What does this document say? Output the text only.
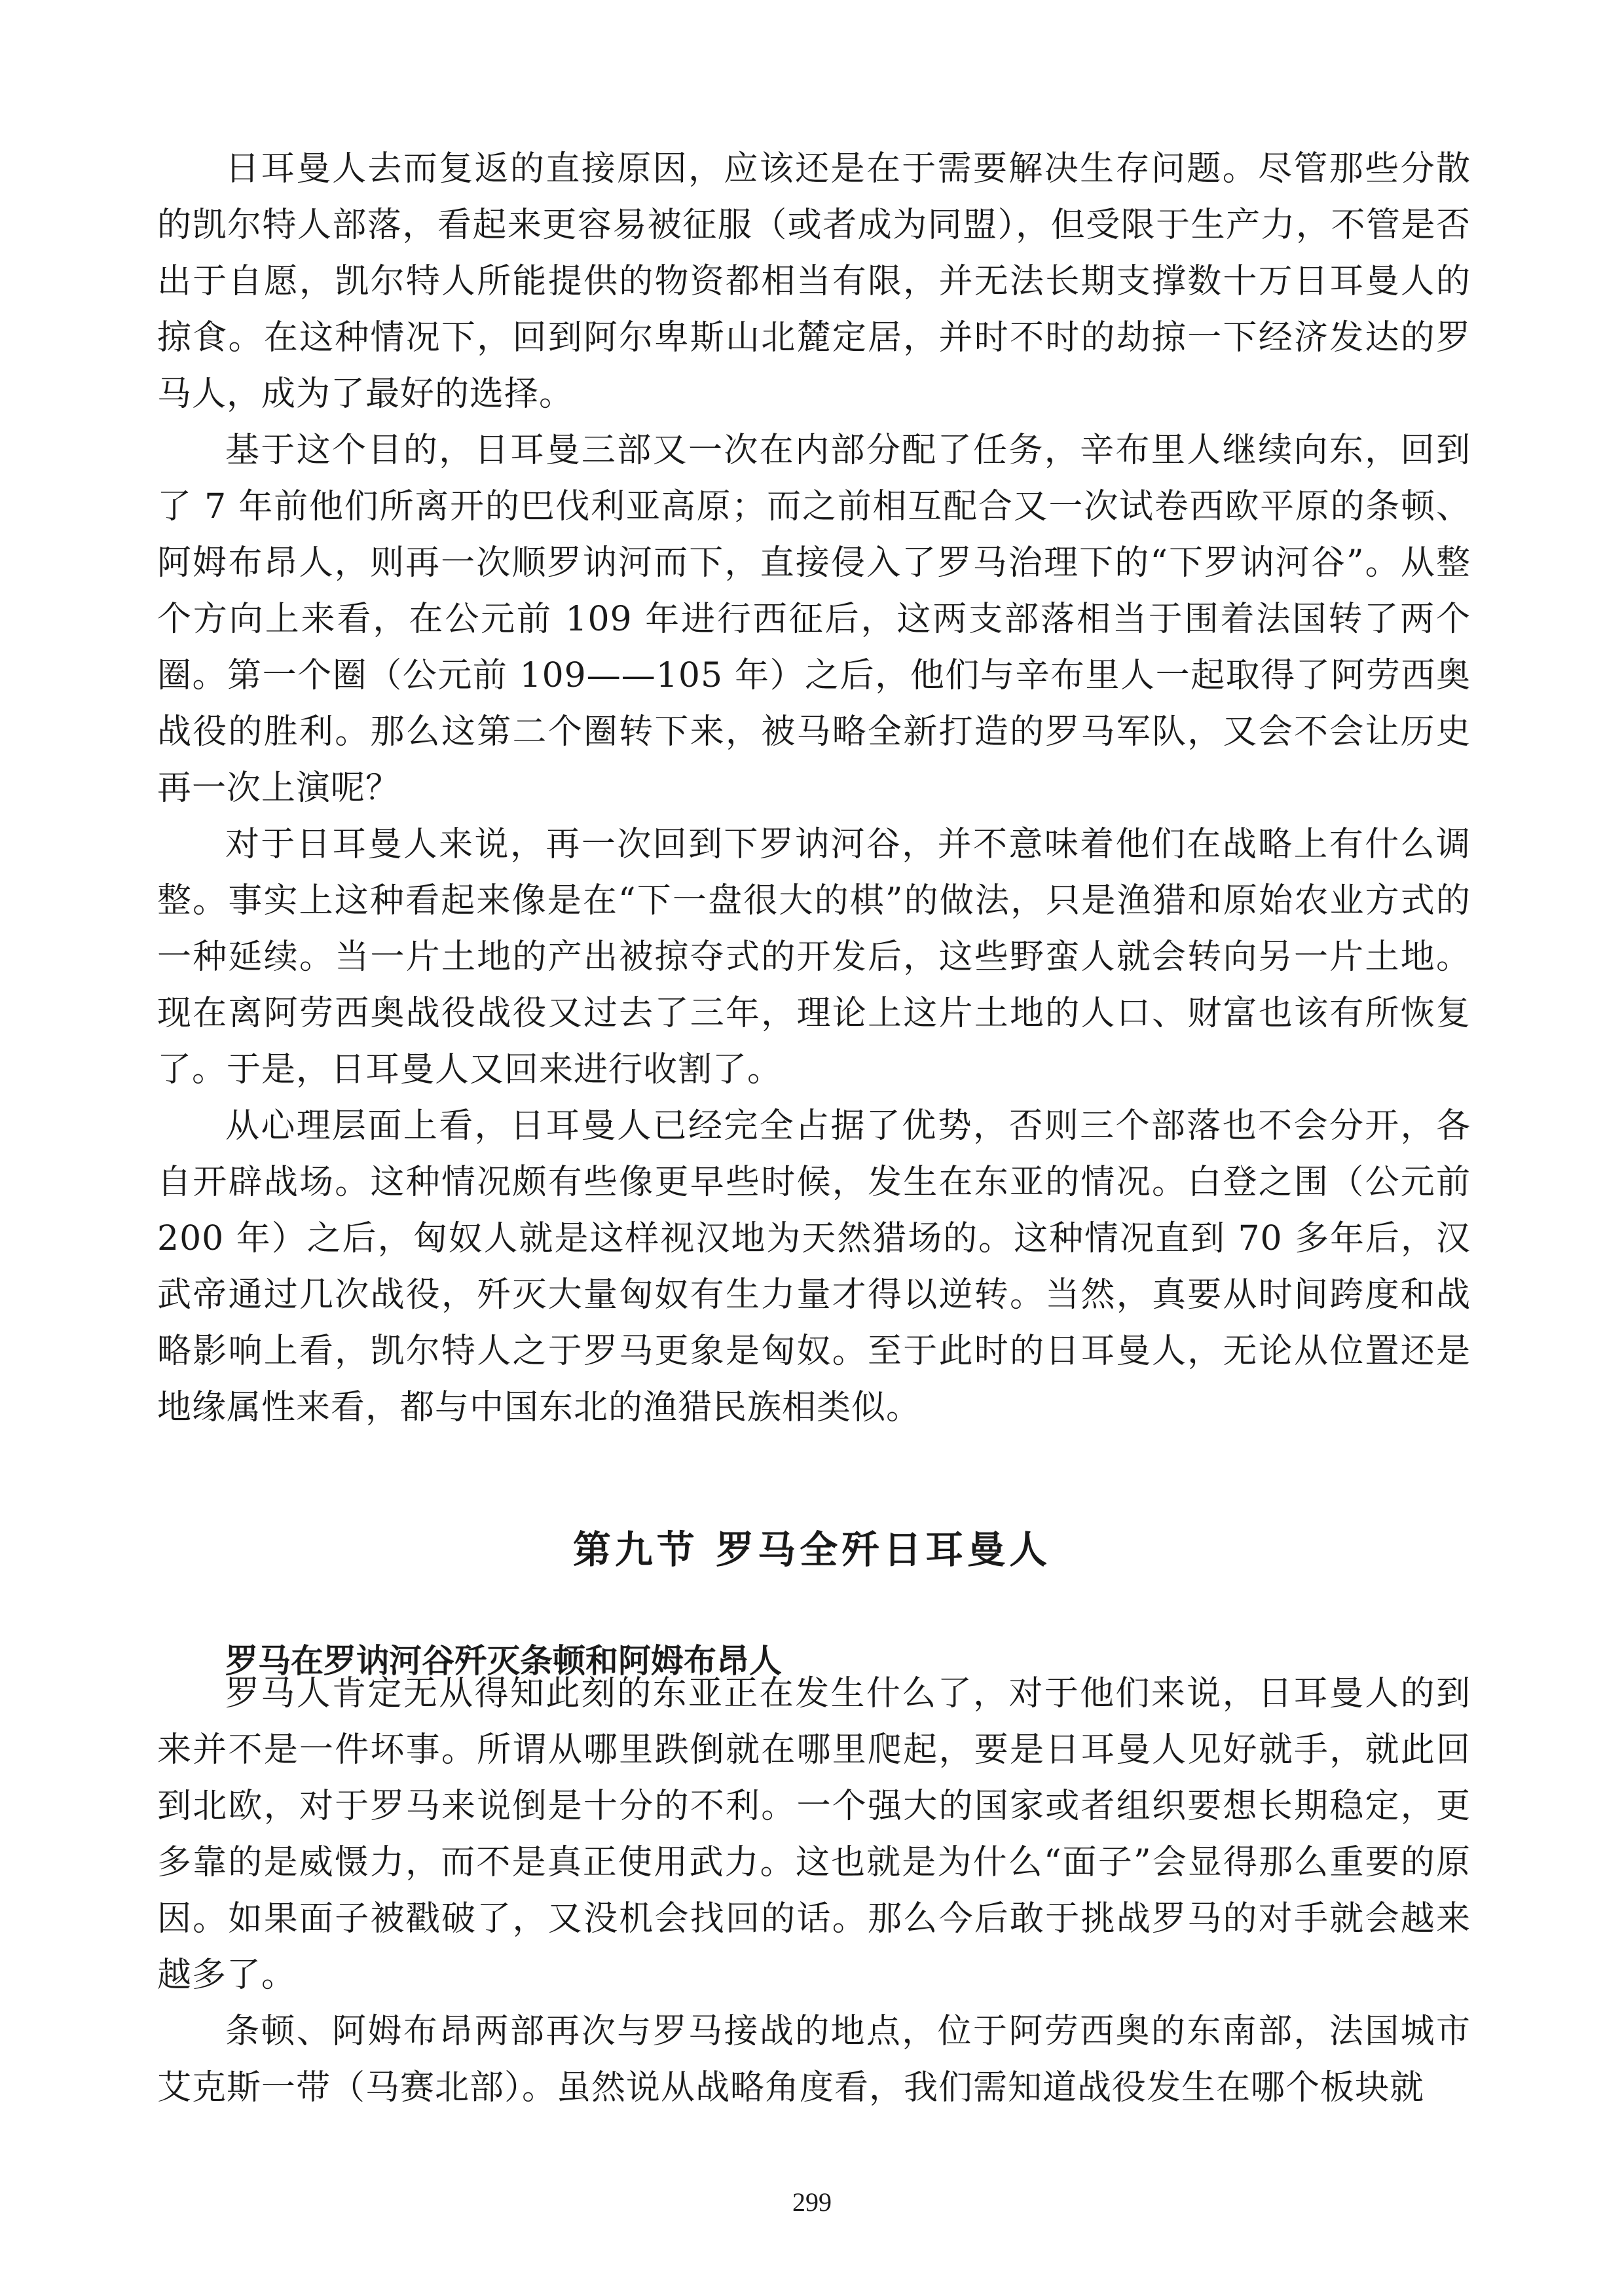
日耳曼人去而复返的直接原因，应该还是在于需要解决生存问题。尽管那些分散的凯尔特人部落，看起来更容易被征服（或者成为同盟），但受限于生产力，不管是否出于自愿，凯尔特人所能提供的物资都相当有限，并无法长期支撑数十万日耳曼人的掠食。在这种情况下，回到阿尔卑斯山北麓定居，并时不时的劫掠一下经济发达的罗马人，成为了最好的选择。

基于这个目的，日耳曼三部又一次在内部分配了任务，辛布里人继续向东，回到了 7 年前他们所离开的巴伐利亚高原；而之前相互配合又一次试卷西欧平原的条顿、阿姆布昂人，则再一次顺罗讷河而下，直接侵入了罗马治理下的“下罗讷河谷”。从整个方向上来看，在公元前 109 年进行西征后，这两支部落相当于围着法国转了两个圈。第一个圈（公元前 109——105 年）之后，他们与辛布里人一起取得了阿劳西奥战役的胜利。那么这第二个圈转下来，被马略全新打造的罗马军队，又会不会让历史再一次上演呢？

对于日耳曼人来说，再一次回到下罗讷河谷，并不意味着他们在战略上有什么调整。事实上这种看起来像是在“下一盘很大的棋”的做法，只是渔猎和原始农业方式的一种延续。当一片土地的产出被掠夺式的开发后，这些野蛮人就会转向另一片土地。现在离阿劳西奥战役战役又过去了三年，理论上这片土地的人口、财富也该有所恢复了。于是，日耳曼人又回来进行收割了。

从心理层面上看，日耳曼人已经完全占据了优势，否则三个部落也不会分开，各自开辟战场。这种情况颇有些像更早些时候，发生在东亚的情况。白登之围（公元前 200 年）之后，匈奴人就是这样视汉地为天然猎场的。这种情况直到 70 多年后，汉武帝通过几次战役，歼灭大量匈奴有生力量才得以逆转。当然，真要从时间跨度和战略影响上看，凯尔特人之于罗马更象是匈奴。至于此时的日耳曼人，无论从位置还是地缘属性来看，都与中国东北的渔猎民族相类似。

第九节 罗马全歼日耳曼人
罗马在罗讷河谷歼灭条顿和阿姆布昂人

罗马人肯定无从得知此刻的东亚正在发生什么了，对于他们来说，日耳曼人的到来并不是一件坏事。所谓从哪里跌倒就在哪里爬起，要是日耳曼人见好就手，就此回到北欧，对于罗马来说倒是十分的不利。一个强大的国家或者组织要想长期稳定，更多靠的是威慑力，而不是真正使用武力。这也就是为什么“面子”会显得那么重要的原因。如果面子被戳破了，又没机会找回的话。那么今后敢于挑战罗马的对手就会越来越多了。

条顿、阿姆布昂两部再次与罗马接战的地点，位于阿劳西奥的东南部，法国城市艾克斯一带（马赛北部）。虽然说从战略角度看，我们需知道战役发生在哪个板块就

299
